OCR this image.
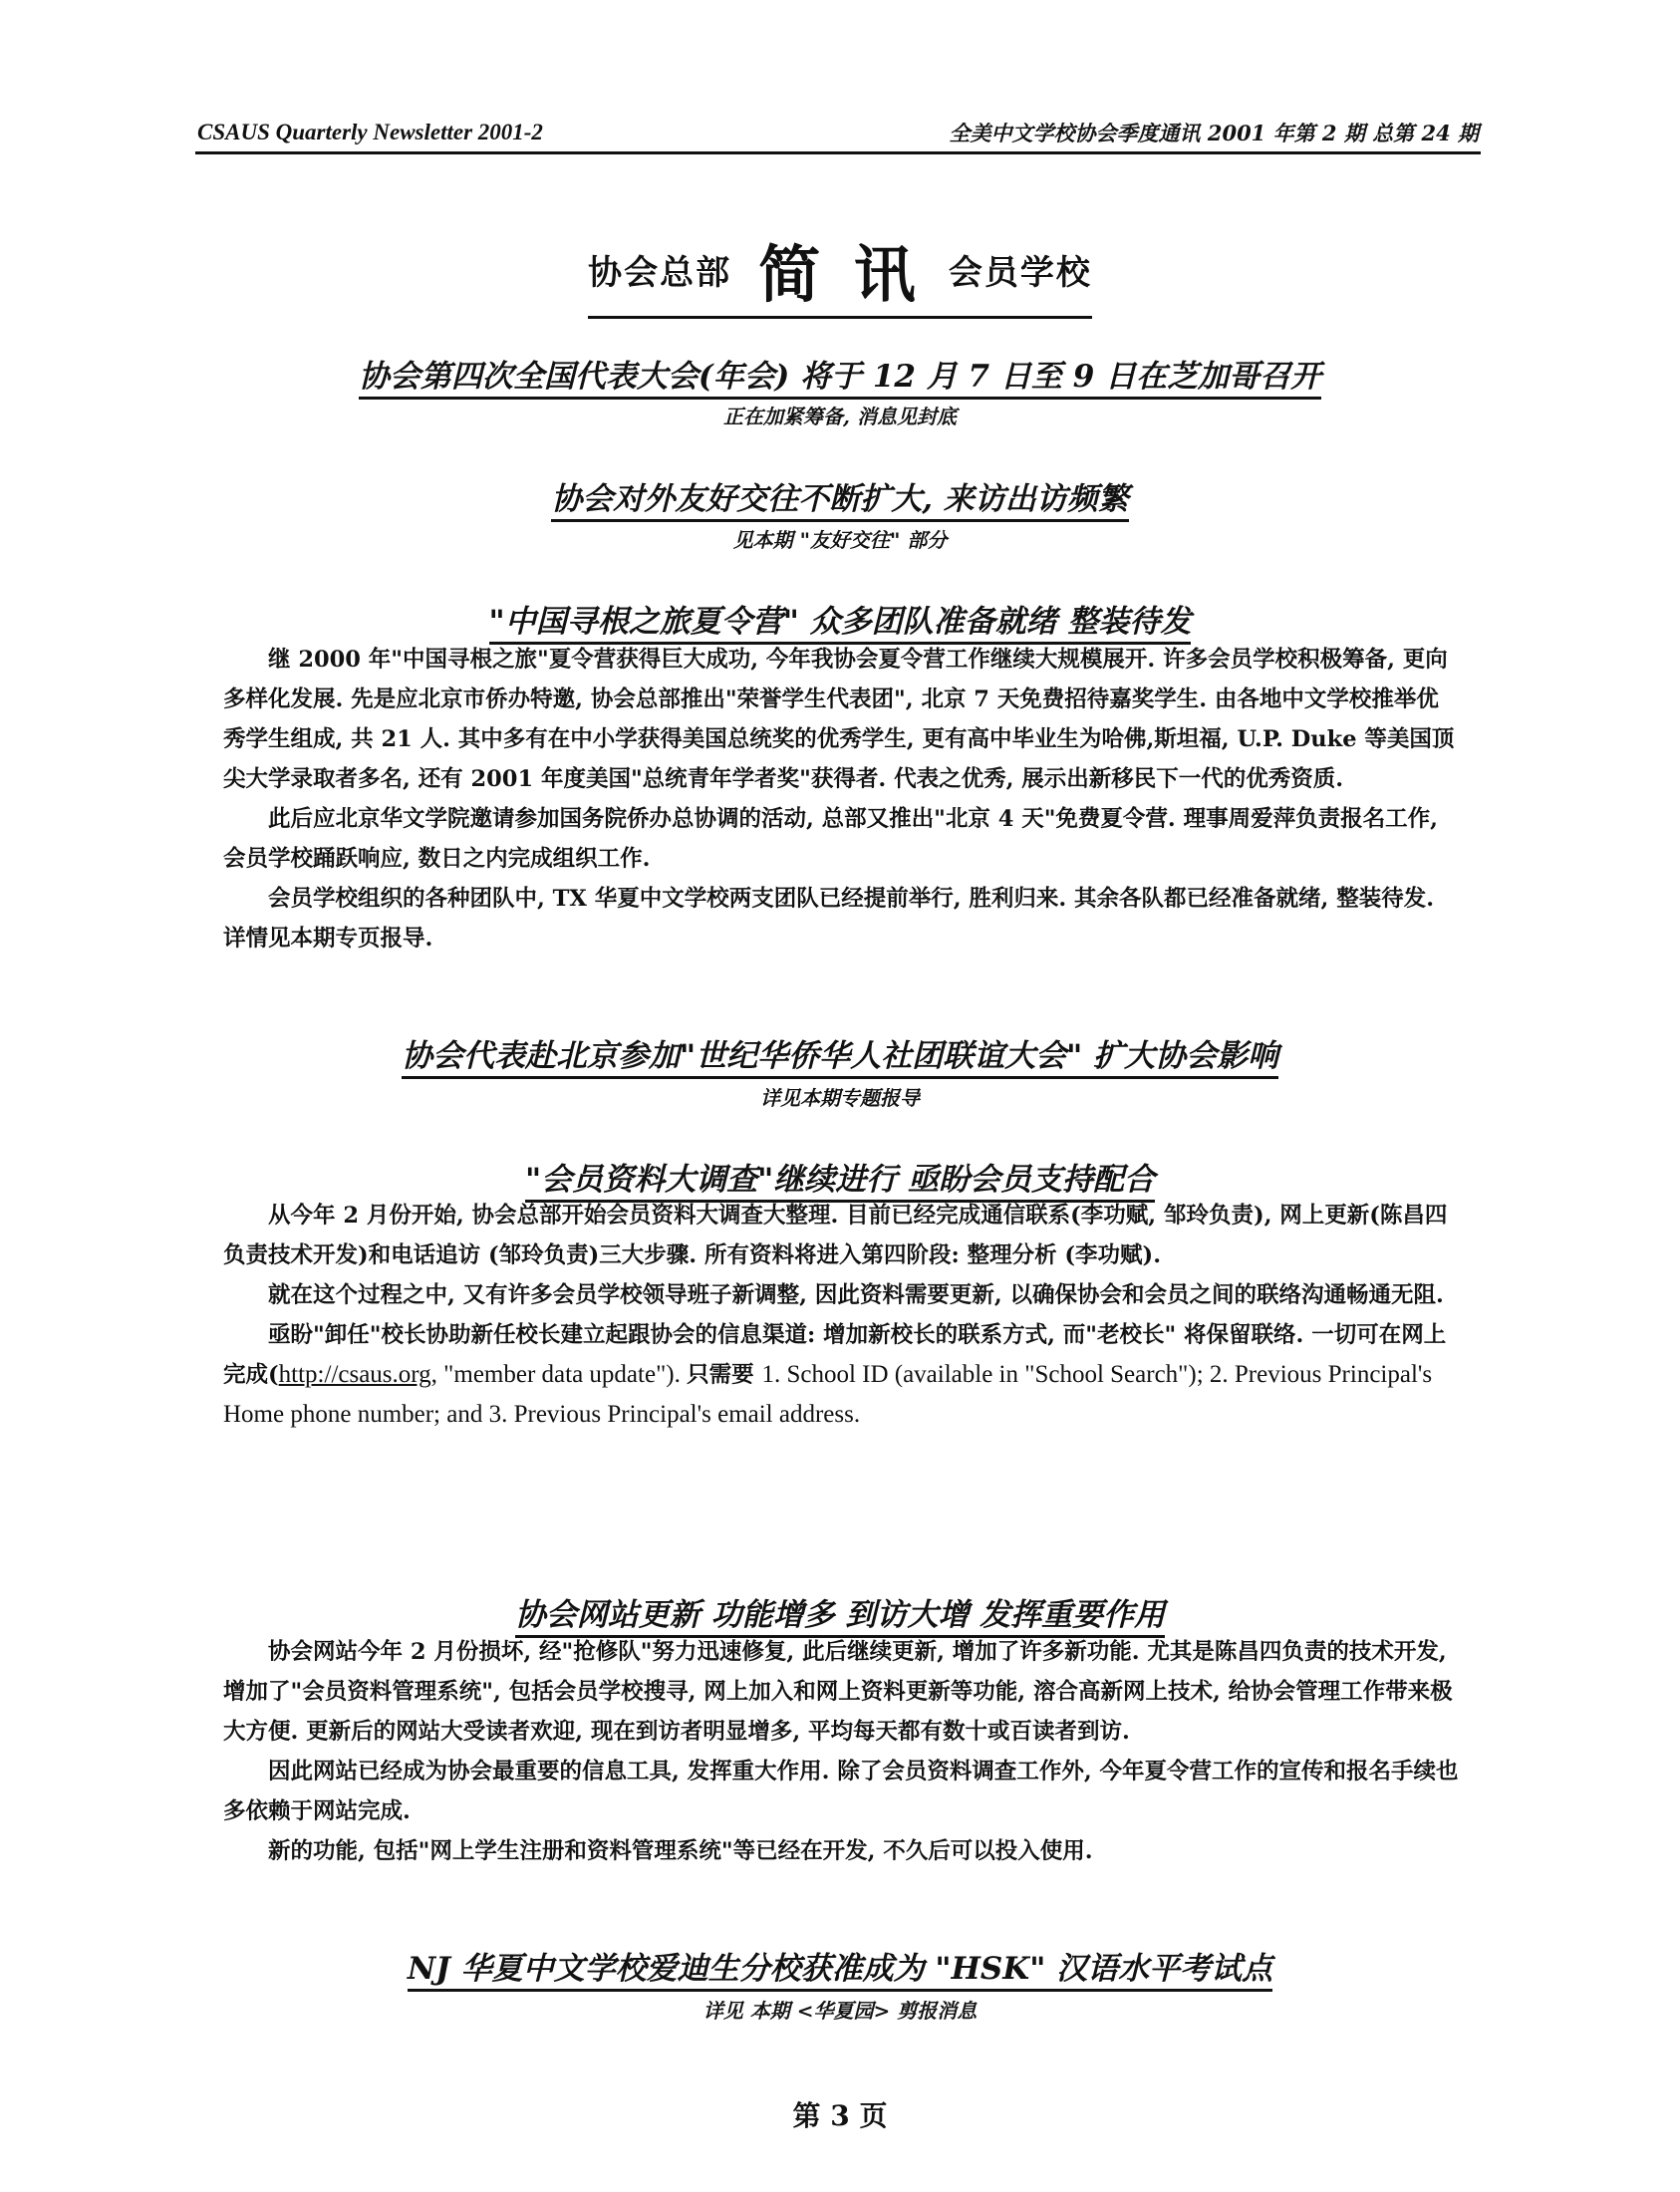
CSAUS Quarterly Newsletter 2001-2	全美中文学校协会季度通讯 2001 年第 2 期 总第 24 期
协会总部 简 讯 会员学校
协会第四次全国代表大会(年会) 将于 12 月 7 日至 9 日在芝加哥召开
正在加紧筹备, 消息见封底
协会对外友好交往不断扩大, 来访出访频繁
见本期 "友好交往" 部分
"中国寻根之旅夏令营" 众多团队准备就绪 整装待发

继 2000 年"中国寻根之旅"夏令营获得巨大成功, 今年我协会夏令营工作继续大规模展开. 许多会员学校积极筹备, 更向多样化发展. 先是应北京市侨办特邀, 协会总部推出"荣誉学生代表团", 北京 7 天免费招待嘉奖学生. 由各地中文学校推举优秀学生组成, 共 21 人. 其中多有在中小学获得美国总统奖的优秀学生, 更有高中毕业生为哈佛,斯坦福, U.P. Duke 等美国顶尖大学录取者多名, 还有 2001 年度美国"总统青年学者奖"获得者. 代表之优秀, 展示出新移民下一代的优秀资质.

此后应北京华文学院邀请参加国务院侨办总协调的活动, 总部又推出"北京 4 天"免费夏令营. 理事周爱萍负责报名工作, 会员学校踊跃响应, 数日之内完成组织工作.

会员学校组织的各种团队中, TX 华夏中文学校两支团队已经提前举行, 胜利归来. 其余各队都已经准备就绪, 整装待发. 详情见本期专页报导.

协会代表赴北京参加"世纪华侨华人社团联谊大会" 扩大协会影响
详见本期专题报导
"会员资料大调查"继续进行 亟盼会员支持配合

从今年 2 月份开始, 协会总部开始会员资料大调查大整理. 目前已经完成通信联系(李功赋, 邹玲负责), 网上更新(陈昌四负责技术开发)和电话追访 (邹玲负责)三大步骤. 所有资料将进入第四阶段: 整理分析 (李功赋).

就在这个过程之中, 又有许多会员学校领导班子新调整, 因此资料需要更新, 以确保协会和会员之间的联络沟通畅通无阻.

亟盼"卸任"校长协助新任校长建立起跟协会的信息渠道: 增加新校长的联系方式, 而"老校长" 将保留联络. 一切可在网上完成(http://csaus.org, "member data update"). 只需要 1. School ID (available in "School Search"); 2. Previous Principal's Home phone number; and 3. Previous Principal's email address.

协会网站更新 功能增多 到访大增 发挥重要作用

协会网站今年 2 月份损坏, 经"抢修队"努力迅速修复, 此后继续更新, 增加了许多新功能. 尤其是陈昌四负责的技术开发, 增加了"会员资料管理系统", 包括会员学校搜寻, 网上加入和网上资料更新等功能, 溶合高新网上技术, 给协会管理工作带来极大方便. 更新后的网站大受读者欢迎, 现在到访者明显增多, 平均每天都有数十或百读者到访.

因此网站已经成为协会最重要的信息工具, 发挥重大作用. 除了会员资料调查工作外, 今年夏令营工作的宣传和报名手续也多依赖于网站完成.

新的功能, 包括"网上学生注册和资料管理系统"等已经在开发, 不久后可以投入使用.

NJ 华夏中文学校爱迪生分校获准成为 "HSK" 汉语水平考试点
详见 本期 <华夏园> 剪报消息
第 3 页
